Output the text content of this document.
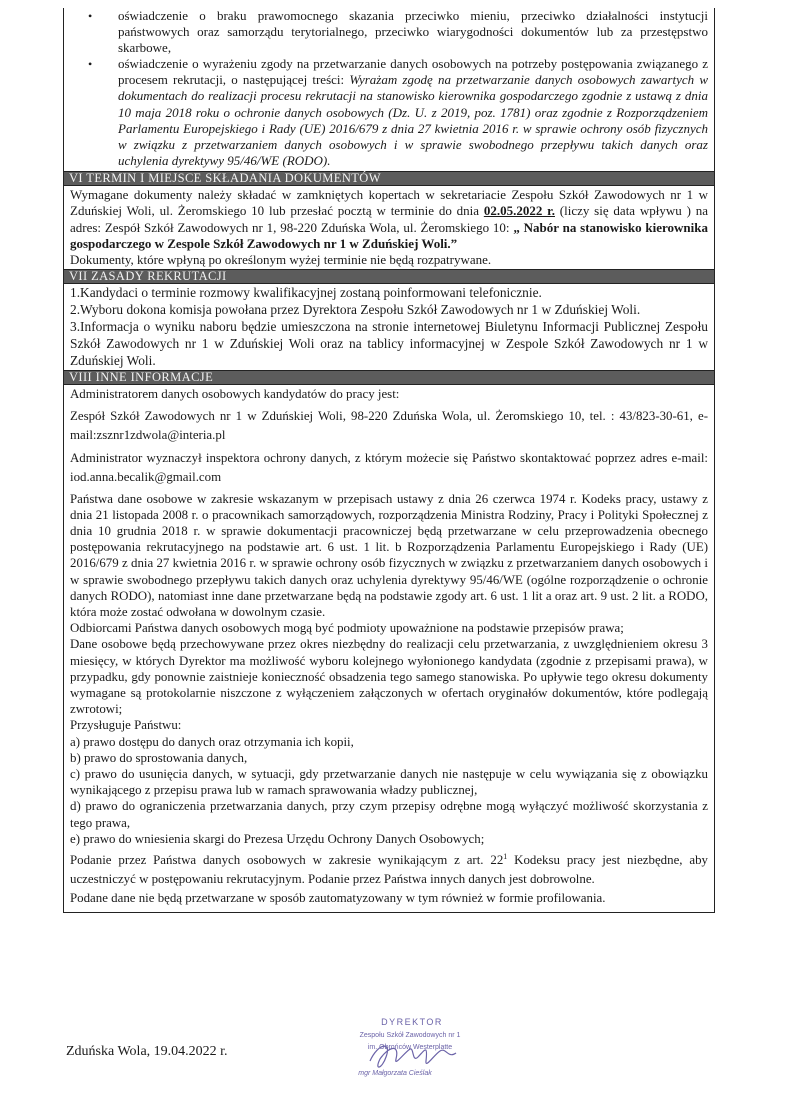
• oświadczenie o braku prawomocnego skazania przeciwko mieniu, przeciwko działalności instytucji państwowych oraz samorządu terytorialnego, przeciwko wiarygodności dokumentów lub za przestępstwo skarbowe,
• oświadczenie o wyrażeniu zgody na przetwarzanie danych osobowych na potrzeby postępowania związanego z procesem rekrutacji, o następującej treści: Wyrażam zgodę na przetwarzanie danych osobowych zawartych w dokumentach do realizacji procesu rekrutacji na stanowisko kierownika gospodarczego zgodnie z ustawą z dnia 10 maja 2018 roku o ochronie danych osobowych (Dz. U. z 2019, poz. 1781) oraz zgodnie z Rozporządzeniem Parlamentu Europejskiego i Rady (UE) 2016/679 z dnia 27 kwietnia 2016 r. w sprawie ochrony osób fizycznych w związku z przetwarzaniem danych osobowych i w sprawie swobodnego przepływu takich danych oraz uchylenia dyrektywy 95/46/WE (RODO).
VI TERMIN I MIEJSCE SKŁADANIA DOKUMENTÓW

Wymagane dokumenty należy składać w zamkniętych kopertach w sekretariacie Zespołu Szkół Zawodowych nr 1 w Zduńskiej Woli, ul. Żeromskiego 10 lub przesłać pocztą w terminie do dnia 02.05.2022 r. (liczy się data wpływu ) na adres: Zespół Szkół Zawodowych nr 1, 98-220 Zduńska Wola, ul. Żeromskiego 10: „ Nabór na stanowisko kierownika gospodarczego w Zespole Szkół Zawodowych nr 1 w Zduńskiej Woli.”

Dokumenty, które wpłyną po określonym wyżej terminie nie będą rozpatrywane.

VII ZASADY REKRUTACJI

1.Kandydaci o terminie rozmowy kwalifikacyjnej zostaną poinformowani telefonicznie.

2.Wyboru dokona komisja powołana przez Dyrektora Zespołu Szkół Zawodowych nr 1 w Zduńskiej Woli.

3.Informacja o wyniku naboru będzie umieszczona na stronie internetowej Biuletynu Informacji Publicznej Zespołu Szkół Zawodowych nr 1 w Zduńskiej Woli oraz na tablicy informacyjnej w Zespole Szkół Zawodowych nr 1 w Zduńskiej Woli.

VIII INNE INFORMACJE

Administratorem danych osobowych kandydatów do pracy jest:

Zespół Szkół Zawodowych nr 1 w Zduńskiej Woli, 98-220 Zduńska Wola, ul. Żeromskiego 10, tel. : 43/823-30-61, e-mail:zsznr1zdwola@interia.pl

Administrator wyznaczył inspektora ochrony danych, z którym możecie się Państwo skontaktować poprzez adres e-mail: iod.anna.becalik@gmail.com

Państwa dane osobowe w zakresie wskazanym w przepisach ustawy z dnia 26 czerwca 1974 r. Kodeks pracy, ustawy z dnia 21 listopada 2008 r. o pracownikach samorządowych, rozporządzenia Ministra Rodziny, Pracy i Polityki Społecznej z dnia 10 grudnia 2018 r. w sprawie dokumentacji pracowniczej będą przetwarzane w celu przeprowadzenia obecnego postępowania rekrutacyjnego na podstawie art. 6 ust. 1 lit. b Rozporządzenia Parlamentu Europejskiego i Rady (UE) 2016/679 z dnia 27 kwietnia 2016 r. w sprawie ochrony osób fizycznych w związku z przetwarzaniem danych osobowych i w sprawie swobodnego przepływu takich danych oraz uchylenia dyrektywy 95/46/WE (ogólne rozporządzenie o ochronie danych RODO), natomiast inne dane przetwarzane będą na podstawie zgody art. 6 ust. 1 lit a oraz art. 9 ust. 2 lit. a RODO, która może zostać odwołana w dowolnym czasie.

Odbiorcami Państwa danych osobowych mogą być podmioty upoważnione na podstawie przepisów prawa;

Dane osobowe będą przechowywane przez okres niezbędny do realizacji celu przetwarzania, z uwzględnieniem okresu 3 miesięcy, w których Dyrektor ma możliwość wyboru kolejnego wyłonionego kandydata (zgodnie z przepisami prawa), w przypadku, gdy ponownie zaistnieje konieczność obsadzenia tego samego stanowiska. Po upływie tego okresu dokumenty wymagane są protokolarnie niszczone z wyłączeniem załączonych w ofertach oryginałów dokumentów, które podlegają zwrotowi;

Przysługuje Państwu:

a) prawo dostępu do danych oraz otrzymania ich kopii,

b) prawo do sprostowania danych,

c) prawo do usunięcia danych, w sytuacji, gdy przetwarzanie danych nie następuje w celu wywiązania się z obowiązku wynikającego z przepisu prawa lub w ramach sprawowania władzy publicznej,

d) prawo do ograniczenia przetwarzania danych, przy czym przepisy odrębne mogą wyłączyć możliwość skorzystania z tego prawa,

e) prawo do wniesienia skargi do Prezesa Urzędu Ochrony Danych Osobowych;

Podanie przez Państwa danych osobowych w zakresie wynikającym z art. $22^1$ Kodeksu pracy jest niezbędne, aby uczestniczyć w postępowaniu rekrutacyjnym. Podanie przez Państwa innych danych jest dobrowolne.

Podane dane nie będą przetwarzane w sposób zautomatyzowany w tym również w formie profilowania.

Zduńska Wola, 19.04.2022 r.
DYREKTOR
Zespołu Szkół Zawodowych nr 1
im. Obrońców Westerplatte
mgr Małgorzata Cieślak
